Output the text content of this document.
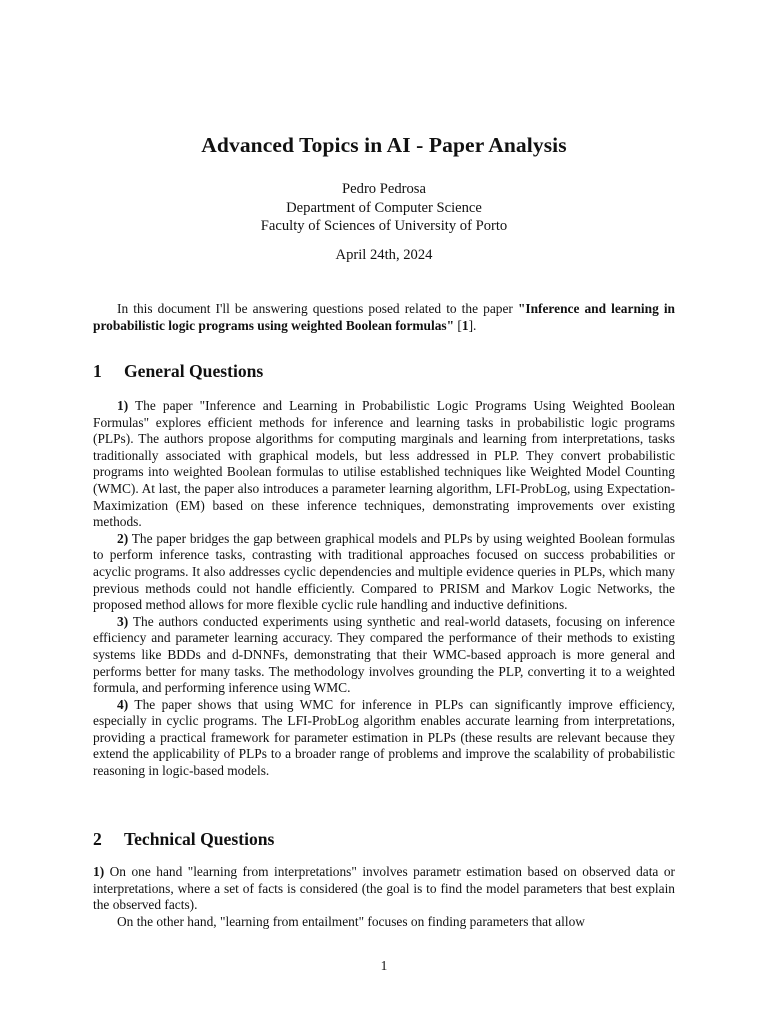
Advanced Topics in AI - Paper Analysis
Pedro Pedrosa
Department of Computer Science
Faculty of Sciences of University of Porto
April 24th, 2024
In this document I'll be answering questions posed related to the paper "Inference and learning in probabilistic logic programs using weighted Boolean formulas" [1].
1 General Questions

1) The paper "Inference and Learning in Probabilistic Logic Programs Using Weighted Boolean Formulas" explores efficient methods for inference and learning tasks in probabilistic logic programs (PLPs). The authors propose algorithms for computing marginals and learning from interpretations, tasks traditionally associated with graphical models, but less addressed in PLP. They convert probabilistic programs into weighted Boolean formulas to utilise established techniques like Weighted Model Counting (WMC). At last, the paper also introduces a parameter learning algorithm, LFI-ProbLog, using Expectation-Maximization (EM) based on these inference techniques, demonstrating improvements over existing methods.

2) The paper bridges the gap between graphical models and PLPs by using weighted Boolean formulas to perform inference tasks, contrasting with traditional approaches focused on success probabilities or acyclic programs. It also addresses cyclic dependencies and multiple evidence queries in PLPs, which many previous methods could not handle efficiently. Compared to PRISM and Markov Logic Networks, the proposed method allows for more flexible cyclic rule handling and inductive definitions.

3) The authors conducted experiments using synthetic and real-world datasets, focusing on inference efficiency and parameter learning accuracy. They compared the performance of their methods to existing systems like BDDs and d-DNNFs, demonstrating that their WMC-based approach is more general and performs better for many tasks. The methodology involves grounding the PLP, converting it to a weighted formula, and performing inference using WMC.

4) The paper shows that using WMC for inference in PLPs can significantly improve efficiency, especially in cyclic programs. The LFI-ProbLog algorithm enables accurate learning from interpretations, providing a practical framework for parameter estimation in PLPs (these results are relevant because they extend the applicability of PLPs to a broader range of problems and improve the scalability of probabilistic reasoning in logic-based models.

2 Technical Questions

1) On one hand "learning from interpretations" involves parametr estimation based on observed data or interpretations, where a set of facts is considered (the goal is to find the model parameters that best explain the observed facts).

On the other hand, "learning from entailment" focuses on finding parameters that allow

1
